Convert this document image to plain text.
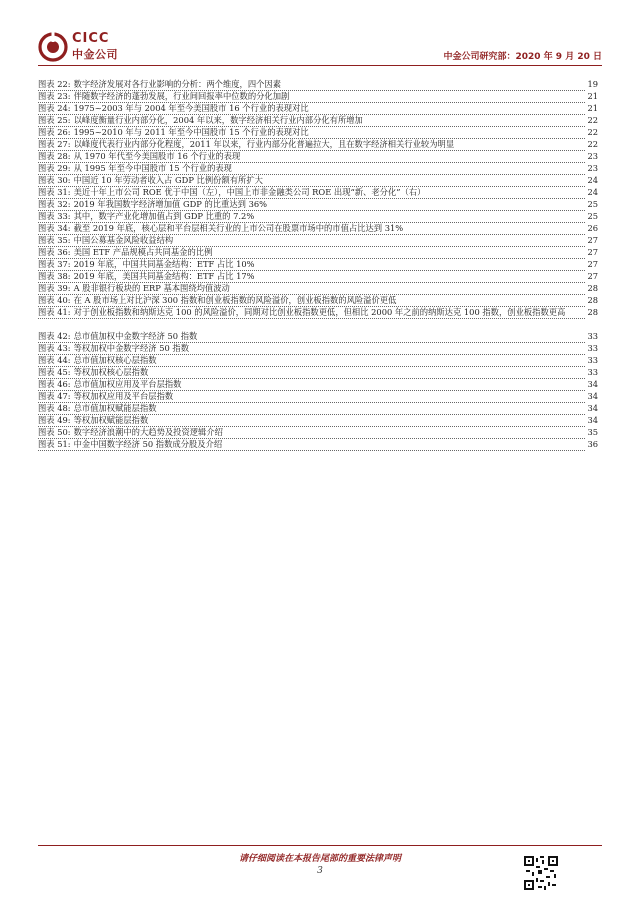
CICC
中金公司	中金公司研究部：2020 年 9 月 20 日
图表 22: 数字经济发展对各行业影响的分析：两个维度，四个因素	19
图表 23: 伴随数字经济的蓬勃发展，行业间回报率中位数的分化加剧	21
图表 24: 1975~2003 年与 2004 年至今美国股市 16 个行业的表现对比	21
图表 25: 以峰度衡量行业内部分化，2004 年以来，数字经济相关行业内部分化有所增加	22
图表 26: 1995~2010 年与 2011 年至今中国股市 15 个行业的表现对比	22
图表 27: 以峰度代表行业内部分化程度，2011 年以来，行业内部分化普遍拉大，且在数字经济相关行业较为明显	22
图表 28: 从 1970 年代至今美国股市 16 个行业的表现	23
图表 29: 从 1995 年至今中国股市 15 个行业的表现	23
图表 30: 中国近 10 年劳动者收入占 GDP 比例份额有所扩大	24
图表 31: 美近十年上市公司 ROE 优于中国（左），中国上市非金融类公司 ROE 出现“新、老分化”（右）	24
图表 32: 2019 年我国数字经济增加值 GDP 的比重达到 36%	25
图表 33: 其中，数字产业化增加值占到 GDP 比重的 7.2%	25
图表 34: 截至 2019 年底，核心层和平台层相关行业的上市公司在股票市场中的市值占比达到 31%	26
图表 35: 中国公募基金风险收益结构	27
图表 36: 美国 ETF 产品规模占共同基金的比例	27
图表 37: 2019 年底，中国共同基金结构：ETF 占比 10%	27
图表 38: 2019 年底，美国共同基金结构：ETF 占比 17%	27
图表 39: A 股非银行板块的 ERP 基本围绕均值波动	28
图表 40: 在 A 股市场上对比沪深 300 指数和创业板指数的风险溢价，创业板指数的风险溢价更低	28
图表 41: 对于创业板指数和纳斯达克 100 的风险溢价，同期对比创业板指数更低，但相比 2000 年之前的纳斯达克 100 指数，创业板指数更高	28
图表 42: 总市值加权中金数字经济 50 指数	33
图表 43: 等权加权中金数字经济 50 指数	33
图表 44: 总市值加权核心层指数	33
图表 45: 等权加权核心层指数	33
图表 46: 总市值加权应用及平台层指数	34
图表 47: 等权加权应用及平台层指数	34
图表 48: 总市值加权赋能层指数	34
图表 49: 等权加权赋能层指数	34
图表 50: 数字经济浪潮中的大趋势及投资逻辑介绍	35
图表 51: 中金中国数字经济 50 指数成分股及介绍	36
请仔细阅读在本报告尾部的重要法律声明
3
